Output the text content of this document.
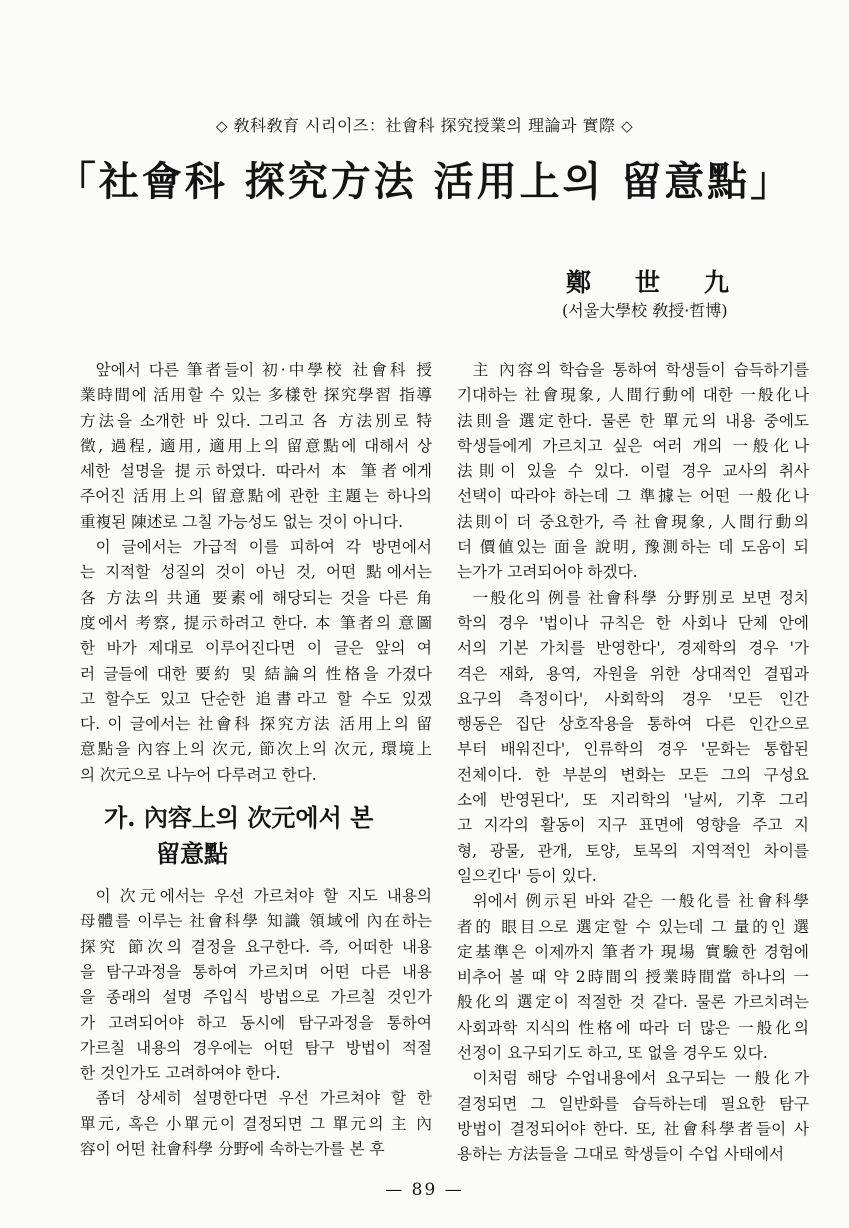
◇ 敎科敎育 시리이즈：社會科 探究授業의 理論과 實際 ◇
「社會科 探究方法 活用上의 留意點」
鄭世九
(서울大學校 敎授·哲博)

앞에서 다른 筆者들이 初·中學校 社會科 授
業時間에 活用할 수 있는 多樣한 探究學習 指導
方法을 소개한 바 있다. 그리고 各 方法別로 特
徵, 過程, 適用, 適用上의 留意點에 대해서 상
세한 설명을 提示하였다. 따라서 本 筆者에게
주어진 活用上의 留意點에 관한 主題는 하나의
重複된 陳述로 그칠 가능성도 없는 것이 아니다.

이 글에서는 가급적 이를 피하여 각 방면에서
는 지적할 성질의 것이 아닌 것, 어떤 點에서는
各 方法의 共通 要素에 해당되는 것을 다른 角
度에서 考察, 提示하려고 한다. 本 筆者의 意圖
한 바가 제대로 이루어진다면 이 글은 앞의 여
러 글들에 대한 要約 및 結論의 性格을 가졌다
고 할수도 있고 단순한 追書라고 할 수도 있겠
다. 이 글에서는 社會科 探究方法 活用上의 留
意點을 內容上의 次元, 節次上의 次元, 環境上
의 次元으로 나누어 다루려고 한다.

가. 內容上의 次元에서 본
留意點

이 次元에서는 우선 가르쳐야 할 지도 내용의
母體를 이루는 社會科學 知識 領域에 內在하는
探究 節次의 결정을 요구한다. 즉, 어떠한 내용
을 탐구과정을 통하여 가르치며 어떤 다른 내용
을 종래의 설명 주입식 방법으로 가르칠 것인가
가 고려되어야 하고 동시에 탐구과정을 통하여
가르칠 내용의 경우에는 어떤 탐구 방법이 적절
한 것인가도 고려하여야 한다.

좀더 상세히 설명한다면 우선 가르쳐야 할 한
單元, 혹은 小單元이 결정되면 그 單元의 主 內
容이 어떤 社會科學 分野에 속하는가를 본 후

主 內容의 학습을 통하여 학생들이 습득하기를
기대하는 社會現象, 人間行動에 대한 一般化나
法則을 選定한다. 물론 한 單元의 내용 중에도
학생들에게 가르치고 싶은 여러 개의 一般化나
法則이 있을 수 있다. 이럴 경우 교사의 취사
선택이 따라야 하는데 그 準據는 어떤 一般化나
法則이 더 중요한가, 즉 社會現象, 人間行動의
더 價値있는 面을 說明, 豫測하는 데 도움이 되
는가가 고려되어야 하겠다.

一般化의 例를 社會科學 分野別로 보면 정치
학의 경우 '법이나 규칙은 한 사회나 단체 안에
서의 기본 가치를 반영한다', 경제학의 경우 '가
격은 재화, 용역, 자원을 위한 상대적인 결핍과
요구의 측정이다', 사회학의 경우 '모든 인간
행동은 집단 상호작용을 통하여 다른 인간으로
부터 배워진다', 인류학의 경우 '문화는 통합된
전체이다. 한 부분의 변화는 모든 그의 구성요
소에 반영된다', 또 지리학의 '날씨, 기후 그리
고 지각의 활동이 지구 표면에 영향을 주고 지
형, 광물, 관개, 토양, 토목의 지역적인 차이를
일으킨다' 등이 있다.

위에서 例示된 바와 같은 一般化를 社會科學
者的 眼目으로 選定할 수 있는데 그 量的인 選
定基準은 이제까지 筆者가 現場 實驗한 경험에
비추어 볼 때 약 2時間의 授業時間當 하나의 一
般化의 選定이 적절한 것 같다. 물론 가르치려는
사회과학 지식의 性格에 따라 더 많은 一般化의
선정이 요구되기도 하고, 또 없을 경우도 있다.

이처럼 해당 수업내용에서 요구되는 一般化가
결정되면 그 일반화를 습득하는데 필요한 탐구
방법이 결정되어야 한다. 또, 社會科學者들이 사
용하는 方法들을 그대로 학생들이 수업 사태에서

— 89 —
